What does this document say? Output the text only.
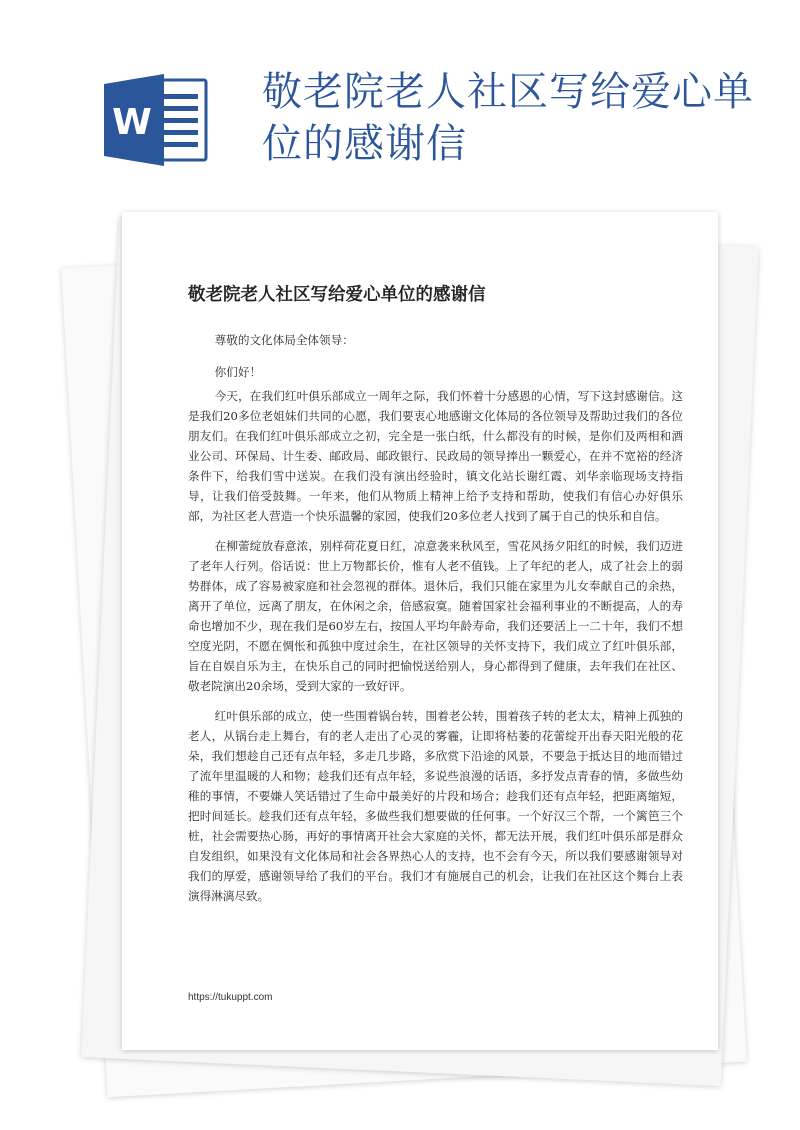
W
敬老院老人社区写给爱心单位的感谢信
敬老院老人社区写给爱心单位的感谢信

尊敬的文化体局全体领导：

你们好！

今天，在我们红叶俱乐部成立一周年之际，我们怀着十分感恩的心情，写下这封感谢信。这是我们20多位老姐妹们共同的心愿，我们要衷心地感谢文化体局的各位领导及帮助过我们的各位朋友们。在我们红叶俱乐部成立之初，完全是一张白纸，什么都没有的时候，是你们及两相和酒业公司、环保局、计生委、邮政局、邮政银行、民政局的领导捧出一颗爱心，在并不宽裕的经济条件下，给我们雪中送炭。在我们没有演出经验时，镇文化站长谢红霞、刘华亲临现场支持指导，让我们倍受鼓舞。一年来，他们从物质上精神上给予支持和帮助，使我们有信心办好俱乐部，为社区老人营造一个快乐温馨的家园，使我们20多位老人找到了属于自己的快乐和自信。

在柳蕾绽放春意浓，别样荷花夏日红，凉意袭来秋风至，雪花风扬夕阳红的时候，我们迈进了老年人行列。俗话说：世上万物都长价，惟有人老不值钱。上了年纪的老人，成了社会上的弱势群体，成了容易被家庭和社会忽视的群体。退休后，我们只能在家里为儿女奉献自己的余热，离开了单位，远离了朋友，在休闲之余，倍感寂寞。随着国家社会福利事业的不断提高，人的寿命也增加不少，现在我们是60岁左右，按国人平均年龄寿命，我们还要活上一二十年，我们不想空度光阴，不愿在惆怅和孤独中度过余生，在社区领导的关怀支持下，我们成立了红叶俱乐部，旨在自娱自乐为主，在快乐自己的同时把愉悦送给别人，身心都得到了健康，去年我们在社区、敬老院演出20余场，受到大家的一致好评。

红叶俱乐部的成立，使一些围着锅台转，围着老公转，围着孩子转的老太太，精神上孤独的老人，从锅台走上舞台，有的老人走出了心灵的雾霾，让即将枯萎的花蕾绽开出春天阳光般的花朵，我们想趁自己还有点年轻，多走几步路，多欣赏下沿途的风景，不要急于抵达目的地而错过了流年里温暖的人和物；趁我们还有点年轻，多说些浪漫的话语，多抒发点青春的情，多做些幼稚的事情，不要嫌人笑话错过了生命中最美好的片段和场合；趁我们还有点年轻，把距离缩短，把时间延长。趁我们还有点年轻，多做些我们想要做的任何事。一个好汉三个帮，一个篱笆三个桩，社会需要热心肠，再好的事情离开社会大家庭的关怀，都无法开展，我们红叶俱乐部是群众自发组织，如果没有文化体局和社会各界热心人的支持，也不会有今天，所以我们要感谢领导对我们的厚爱，感谢领导给了我们的平台。我们才有施展自己的机会，让我们在社区这个舞台上表演得淋漓尽致。

https://tukuppt.com
